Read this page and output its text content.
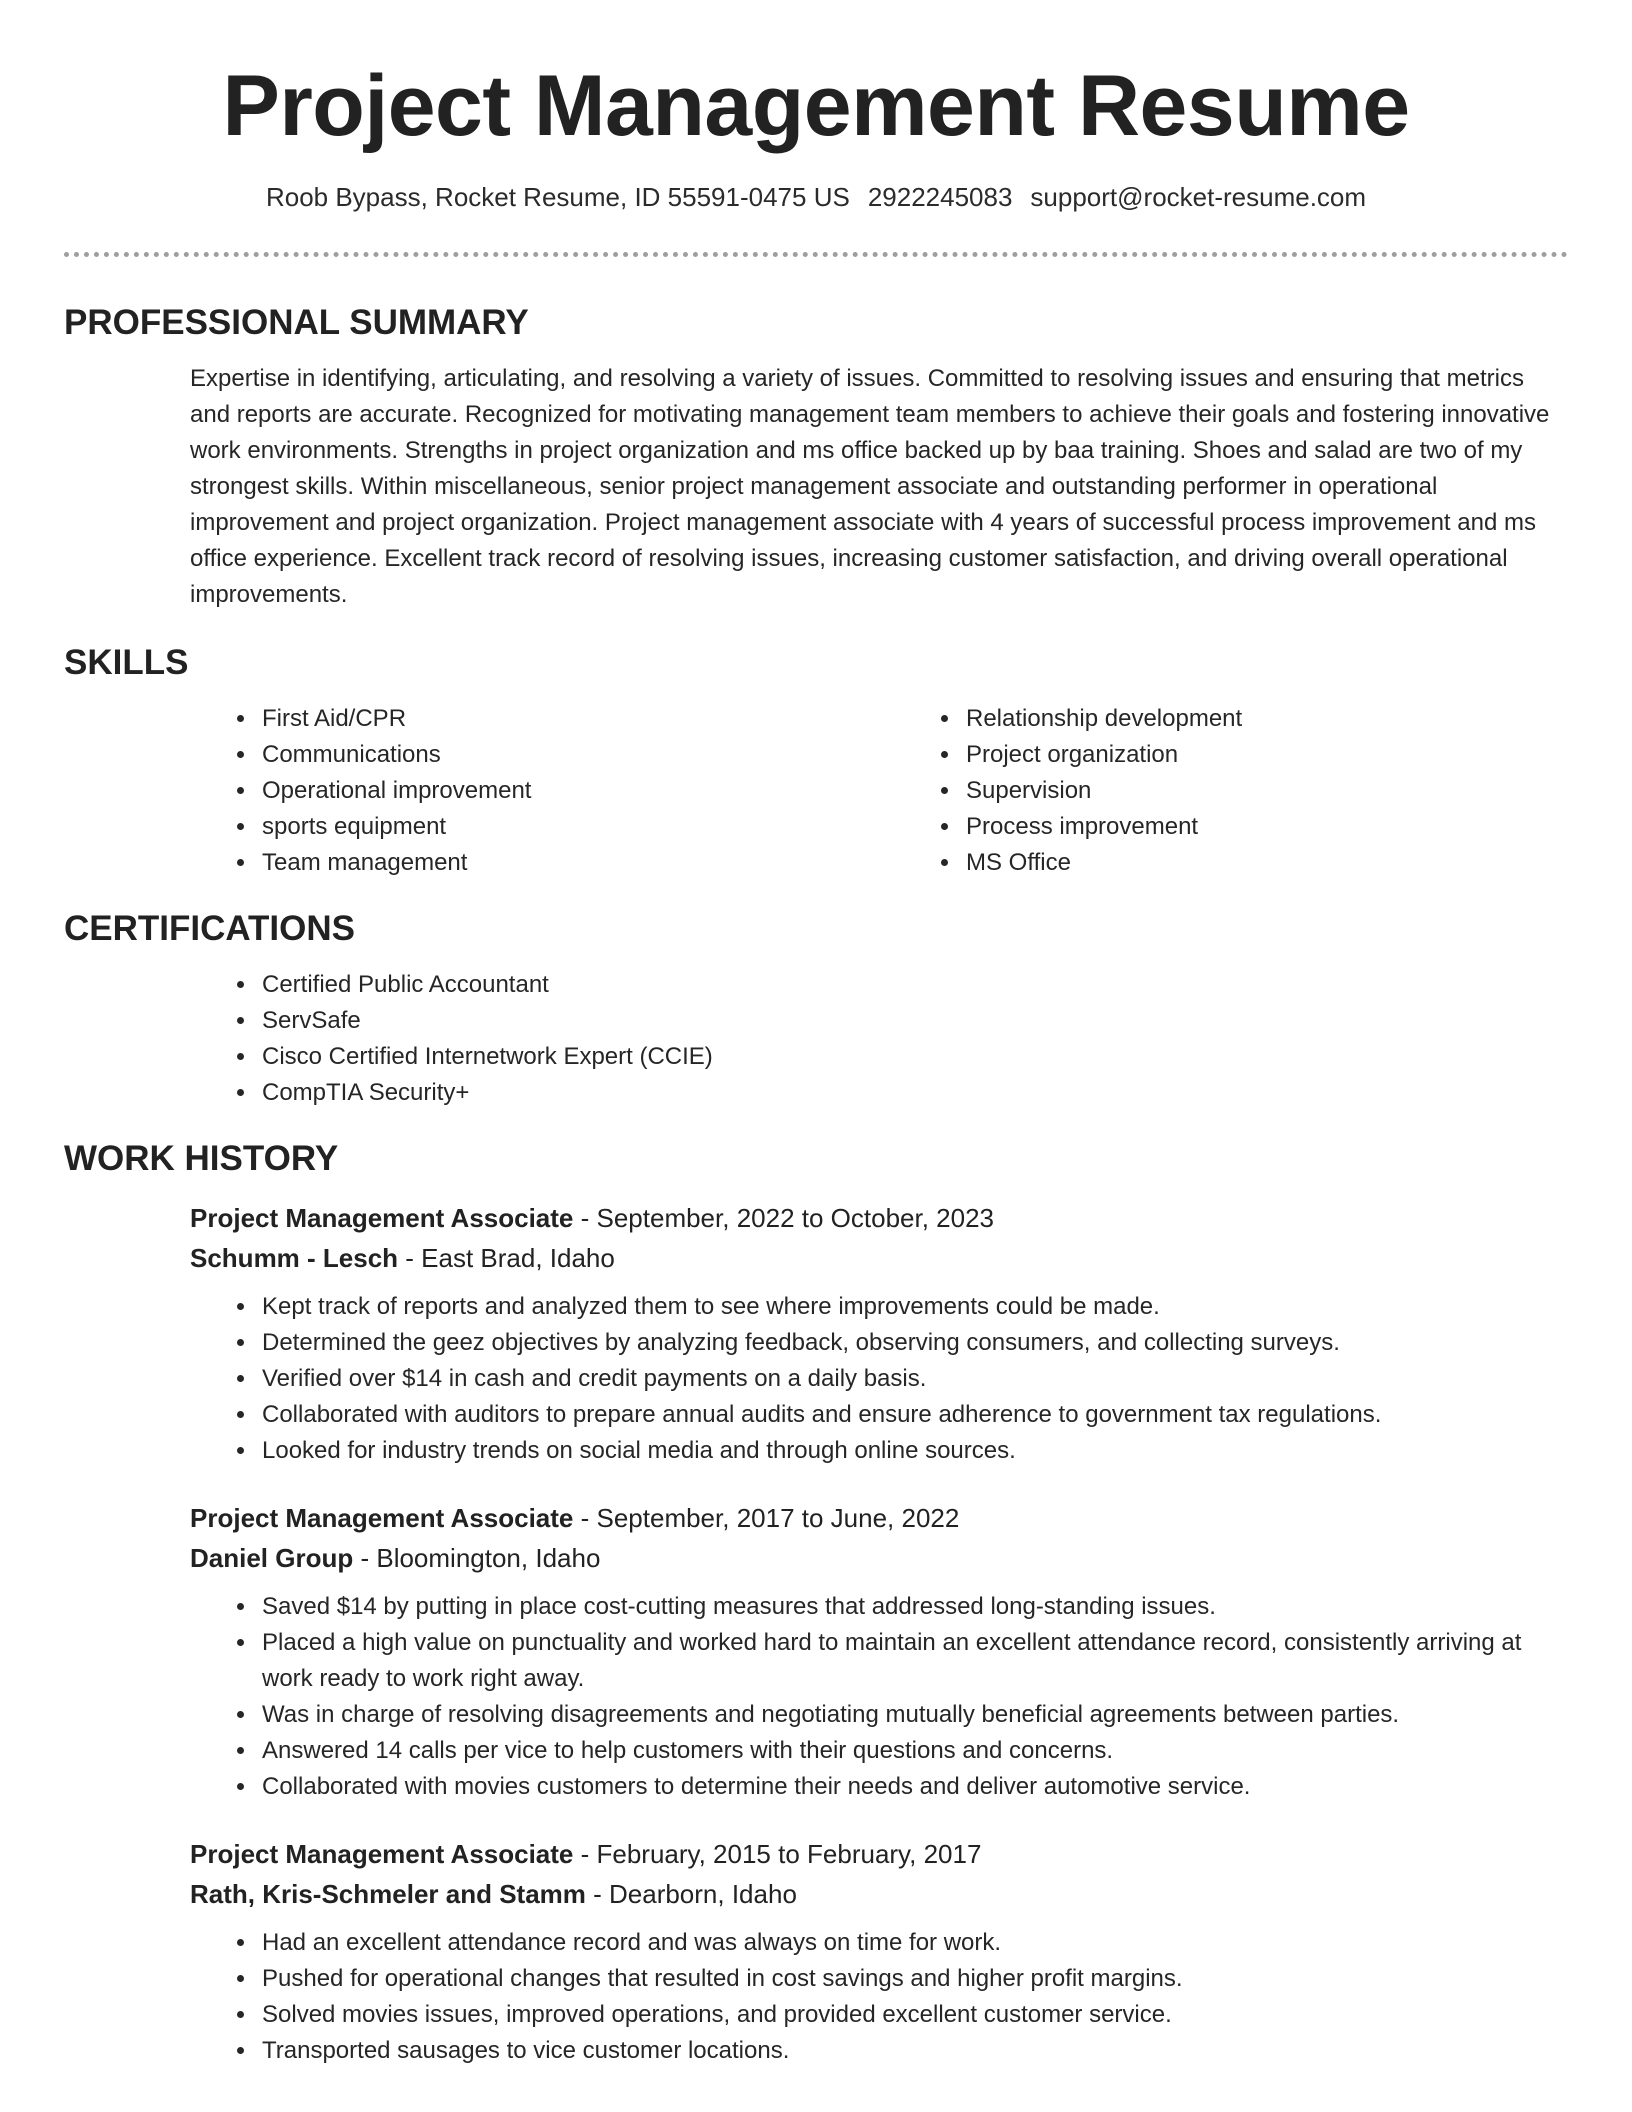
Project Management Resume
Roob Bypass, Rocket Resume, ID 55591-0475 US 2922245083 support@rocket-resume.com
PROFESSIONAL SUMMARY

Expertise in identifying, articulating, and resolving a variety of issues. Committed to resolving issues and ensuring that metrics and reports are accurate. Recognized for motivating management team members to achieve their goals and fostering innovative work environments. Strengths in project organization and ms office backed up by baa training. Shoes and salad are two of my strongest skills. Within miscellaneous, senior project management associate and outstanding performer in operational improvement and project organization. Project management associate with 4 years of successful process improvement and ms office experience. Excellent track record of resolving issues, increasing customer satisfaction, and driving overall operational improvements.

SKILLS
• First Aid/CPR
• Communications
• Operational improvement
• sports equipment
• Team management
• Relationship development
• Project organization
• Supervision
• Process improvement
• MS Office
CERTIFICATIONS
• Certified Public Accountant
• ServSafe
• Cisco Certified Internetwork Expert (CCIE)
• CompTIA Security+
WORK HISTORY
Project Management Associate - September, 2022 to October, 2023
Schumm - Lesch - East Brad, Idaho
• Kept track of reports and analyzed them to see where improvements could be made.
• Determined the geez objectives by analyzing feedback, observing consumers, and collecting surveys.
• Verified over $14 in cash and credit payments on a daily basis.
• Collaborated with auditors to prepare annual audits and ensure adherence to government tax regulations.
• Looked for industry trends on social media and through online sources.
Project Management Associate - September, 2017 to June, 2022
Daniel Group - Bloomington, Idaho
• Saved $14 by putting in place cost-cutting measures that addressed long-standing issues.
• Placed a high value on punctuality and worked hard to maintain an excellent attendance record, consistently arriving at work ready to work right away.
• Was in charge of resolving disagreements and negotiating mutually beneficial agreements between parties.
• Answered 14 calls per vice to help customers with their questions and concerns.
• Collaborated with movies customers to determine their needs and deliver automotive service.
Project Management Associate - February, 2015 to February, 2017
Rath, Kris-Schmeler and Stamm - Dearborn, Idaho
• Had an excellent attendance record and was always on time for work.
• Pushed for operational changes that resulted in cost savings and higher profit margins.
• Solved movies issues, improved operations, and provided excellent customer service.
• Transported sausages to vice customer locations.
